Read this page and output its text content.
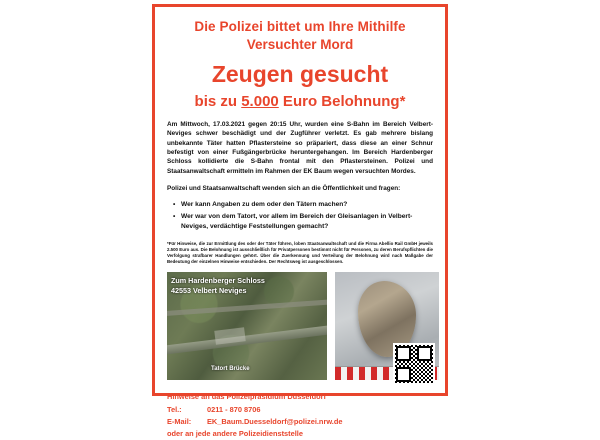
Die Polizei bittet um Ihre Mithilfe
Versuchter Mord
Zeugen gesucht
bis zu 5.000 Euro Belohnung*
Am Mittwoch, 17.03.2021 gegen 20:15 Uhr, wurden eine S-Bahn im Bereich Velbert-Neviges schwer beschädigt und der Zugführer verletzt. Es gab mehrere bislang unbekannte Täter hatten Pflastersteine so präpariert, dass diese an einer Schnur befestigt von einer Fußgängerbrücke heruntergehangen. Im Bereich Hardenberger Schloss kollidierte die S-Bahn frontal mit den Pflastersteinen. Polizei und Staatsanwaltschaft ermitteln im Rahmen der EK Baum wegen versuchten Mordes.
Polizei und Staatsanwaltschaft wenden sich an die Öffentlichkeit und fragen:
• Wer kann Angaben zu dem oder den Tätern machen?
• Wer war von dem Tatort, vor allem im Bereich der Gleisanlagen in Velbert-Neviges, verdächtige Feststellungen gemacht?
*Für Hinweise, die zur Ermittlung des oder der Täter führen, loben Staatsanwaltschaft und die Firma Abellio Rail GmbH jeweils 2.500 Euro aus. Die Belohnung ist ausschließlich für Privatpersonen bestimmt nicht für Personen, zu deren Berufspflichten die Verfolgung strafbarer Handlungen gehört. Über die Zuerkennung und Verteilung der Belohnung wird nach Maßgabe der Bedeutung der einzelnen Hinweise entschieden. Der Rechtsweg ist ausgeschlossen.
Zum Hardenberger Schloss
42553 Velbert Neviges
Tatort Brücke
Hinweise an das Polizeipräsidium Düsseldorf
Tel.:	0211 - 870 8706
E-Mail:	EK_Baum.Duesseldorf@polizei.nrw.de
oder an jede andere Polizeidienststelle
